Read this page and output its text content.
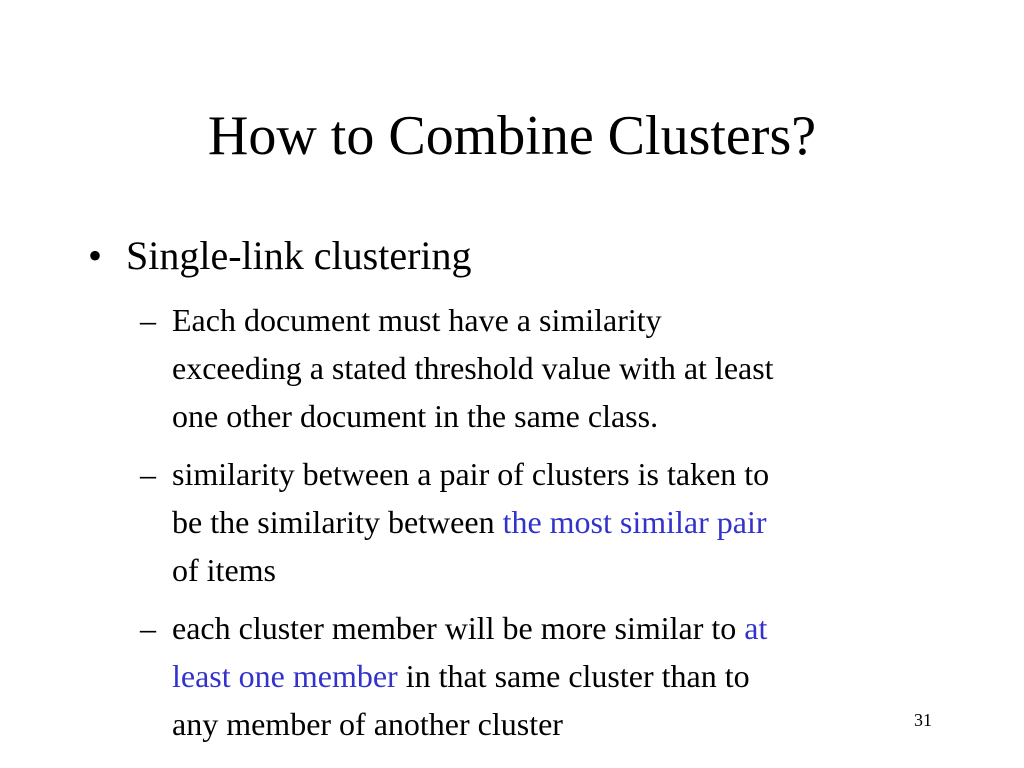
How to Combine Clusters?
• Single-link clustering
– Each document must have a similarity
exceeding a stated threshold value with at least
one other document in the same class.
– similarity between a pair of clusters is taken to
be the similarity between the most similar pair
of items
– each cluster member will be more similar to at
least one member in that same cluster than to
any member of another cluster	31
